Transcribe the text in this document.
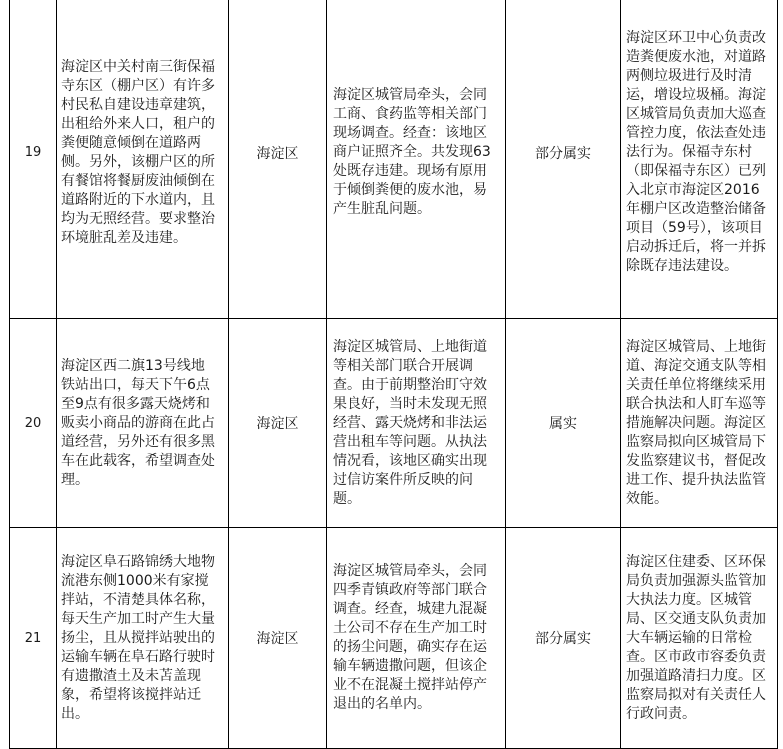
19	海淀区中关村南三街保福寺东区（棚户区）有许多村民私自建设违章建筑，出租给外来人口，租户的粪便随意倾倒在道路两侧。另外，该棚户区的所有餐馆将餐厨废油倾倒在道路附近的下水道内，且均为无照经营。要求整治环境脏乱差及违建。	海淀区	海淀区城管局牵头，会同工商、食药监等相关部门现场调查。经查：该地区商户证照齐全。共发现63处既存违建。现场有原用于倾倒粪便的废水池，易产生脏乱问题。	部分属实	海淀区环卫中心负责改造粪便废水池，对道路两侧垃圾进行及时清运，增设垃圾桶。海淀区城管局负责加大巡查管控力度，依法查处违法行为。保福寺东村（即保福寺东区）已列入北京市海淀区2016年棚户区改造整治储备项目（59号），该项目启动拆迁后，将一并拆除既存违法建设。

20	海淀区西二旗13号线地铁站出口，每天下午6点至9点有很多露天烧烤和贩卖小商品的游商在此占道经营，另外还有很多黑车在此载客，希望调查处理。	海淀区	海淀区城管局、上地街道等相关部门联合开展调查。由于前期整治盯守效果良好，当时未发现无照经营、露天烧烤和非法运营出租车等问题。从执法情况看，该地区确实出现过信访案件所反映的问题。	属实	海淀区城管局、上地街道、海淀交通支队等相关责任单位将继续采用联合执法和人盯车巡等措施解决问题。海淀区监察局拟向区城管局下发监察建议书，督促改进工作、提升执法监管效能。

21	海淀区阜石路锦绣大地物流港东侧1000米有家搅拌站，不清楚具体名称，每天生产加工时产生大量扬尘，且从搅拌站驶出的运输车辆在阜石路行驶时有遗撒渣土及未苫盖现象，希望将该搅拌站迁出。	海淀区	海淀区城管局牵头，会同四季青镇政府等部门联合调查。经查，城建九混凝土公司不存在生产加工时的扬尘问题，确实存在运输车辆遗撒问题，但该企业不在混凝土搅拌站停产退出的名单内。	部分属实	海淀区住建委、区环保局负责加强源头监管加大执法力度。区城管局、区交通支队负责加大车辆运输的日常检查。区市政市容委负责加强道路清扫力度。区监察局拟对有关责任人行政问责。
